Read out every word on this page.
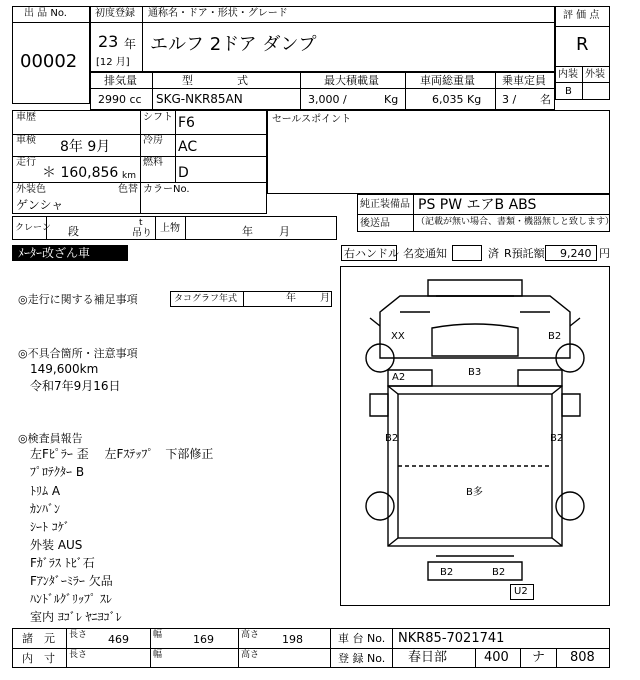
出 品 No.
00002
初度登録 通称名・ドア・形状・グレード
23 年
[12 月]
エルフ 2ドア ダンプ
評 価 点
R
内装 外装
B
排気量	型　　　　式	最大積載量	車両総重量 乗車定員
2990 cc SKG-NKR85AN	3,000 /	Kg	6,035 Kg 3 / 名
車歴	シフト F6
車検 8年 9月	冷房 AC
走行
＊ 160,856 km
燃料
D
外装色
ゲンシャ
色替 カラーNo.
セールスポイント
純正装備品 PS PW エアB ABS
後送品	（記載が無い場合、書類・機器無しと致します）
クレーン 段
t
吊り 上物	年 月
ﾒｰﾀｰ改ざん車	右ハンドル 名変通知	済 R預託額 9,240 円
◎走行に関する補足事項	タコグラフ年式	年 月
◎不具合箇所・注意事項
149,600km
令和7年9月16日
◎検査員報告
左Fﾋﾟﾗｰ 歪　 左Fｽﾃｯﾌﾟ　下部修正
ﾌﾟﾛﾃｸﾀｰ B
ﾄﾘﾑ A
ｶﾝﾊﾞﾝ
ｼｰﾄ ｺｹﾞ
外装 AUS
Fｶﾞﾗｽ ﾄﾋﾞ石
Fｱﾝﾀﾞｰﾐﾗｰ 欠品
ﾊﾝﾄﾞﾙｸﾞﾘｯﾌﾟ ｽﾚ
室内 ﾖｺﾞﾚ ﾔﾆﾖｺﾞﾚ
XX	B2
A2	B3
B2	B2
B多
B2	B2
U2
諸　元 長さ 469	幅	169	高さ 198	車 台 No. NKR85-7021741
内　寸 長さ	幅	高さ	登 録 No. 春日部	400 ナ 808
